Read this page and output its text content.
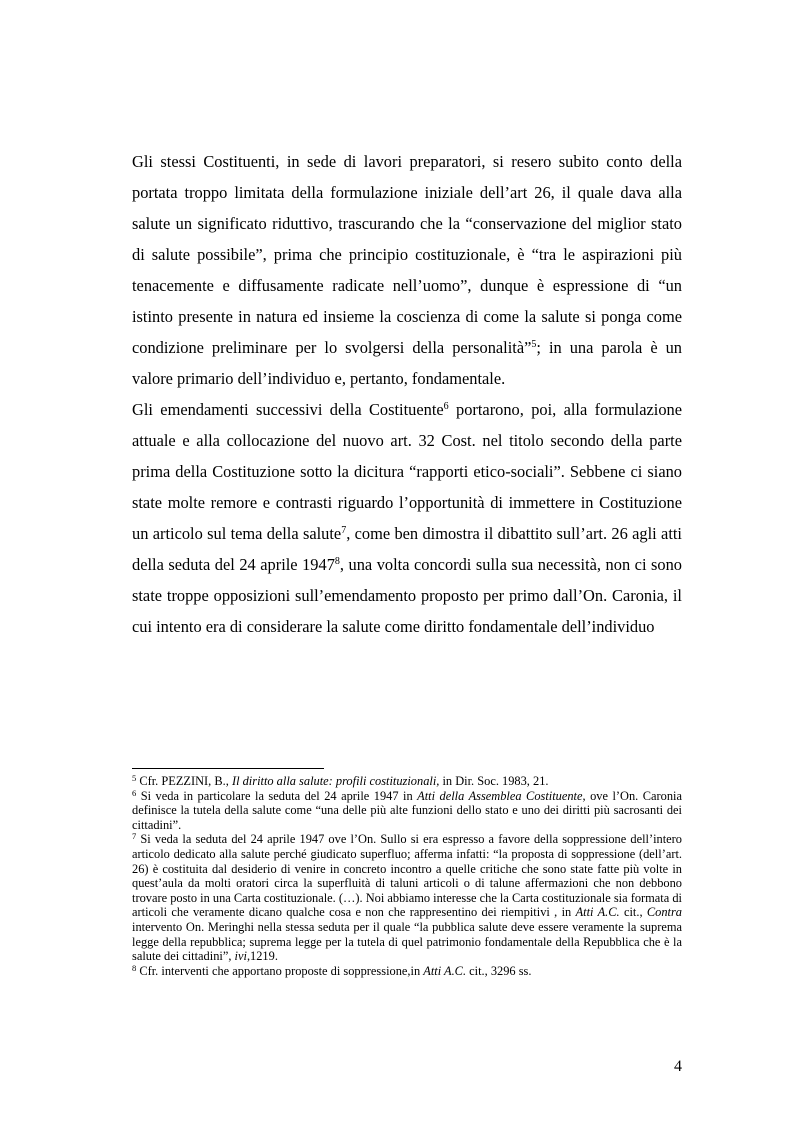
Gli stessi Costituenti, in sede di lavori preparatori, si resero subito conto della portata troppo limitata della formulazione iniziale dell’art 26, il quale dava alla salute un significato riduttivo, trascurando che la “conservazione del miglior stato di salute possibile”, prima che principio costituzionale, è “tra le aspirazioni più tenacemente e diffusamente radicate nell’uomo”, dunque è espressione di “un istinto presente in natura ed insieme la coscienza di come la salute si ponga come condizione preliminare per lo svolgersi della personalità”$^5$; in una parola è un valore primario dell’individuo e, pertanto, fondamentale.

Gli emendamenti successivi della Costituente$^6$ portarono, poi, alla formulazione attuale e alla collocazione del nuovo art. 32 Cost. nel titolo secondo della parte prima della Costituzione sotto la dicitura “rapporti etico-sociali”. Sebbene ci siano state molte remore e contrasti riguardo l’opportunità di immettere in Costituzione un articolo sul tema della salute$^7$, come ben dimostra il dibattito sull’art. 26 agli atti della seduta del 24 aprile 1947$^8$, una volta concordi sulla sua necessità, non ci sono state troppe opposizioni sull’emendamento proposto per primo dall’On. Caronia, il cui intento era di considerare la salute come diritto fondamentale dell’individuo

$^5$ Cfr. PEZZINI, B., Il diritto alla salute: profili costituzionali, in Dir. Soc. 1983, 21.

$^6$ Si veda in particolare la seduta del 24 aprile 1947 in Atti della Assemblea Costituente, ove l’On. Caronia definisce la tutela della salute come “una delle più alte funzioni dello stato e uno dei diritti più sacrosanti dei cittadini”.

$^7$ Si veda la seduta del 24 aprile 1947 ove l’On. Sullo si era espresso a favore della soppressione dell’intero articolo dedicato alla salute perché giudicato superfluo; afferma infatti: “la proposta di soppressione (dell’art. 26) è costituita dal desiderio di venire in concreto incontro a quelle critiche che sono state fatte più volte in quest’aula da molti oratori circa la superfluità di taluni articoli o di talune affermazioni che non debbono trovare posto in una Carta costituzionale. (…). Noi abbiamo interesse che la Carta costituzionale sia formata di articoli che veramente dicano qualche cosa e non che rappresentino dei riempitivi , in Atti A.C. cit., Contra intervento On. Meringhi nella stessa seduta per il quale “la pubblica salute deve essere veramente la suprema legge della repubblica; suprema legge per la tutela di quel patrimonio fondamentale della Repubblica che è la salute dei cittadini”, ivi,1219.

$^8$ Cfr. interventi che apportano proposte di soppressione,in Atti A.C. cit., 3296 ss.

4
